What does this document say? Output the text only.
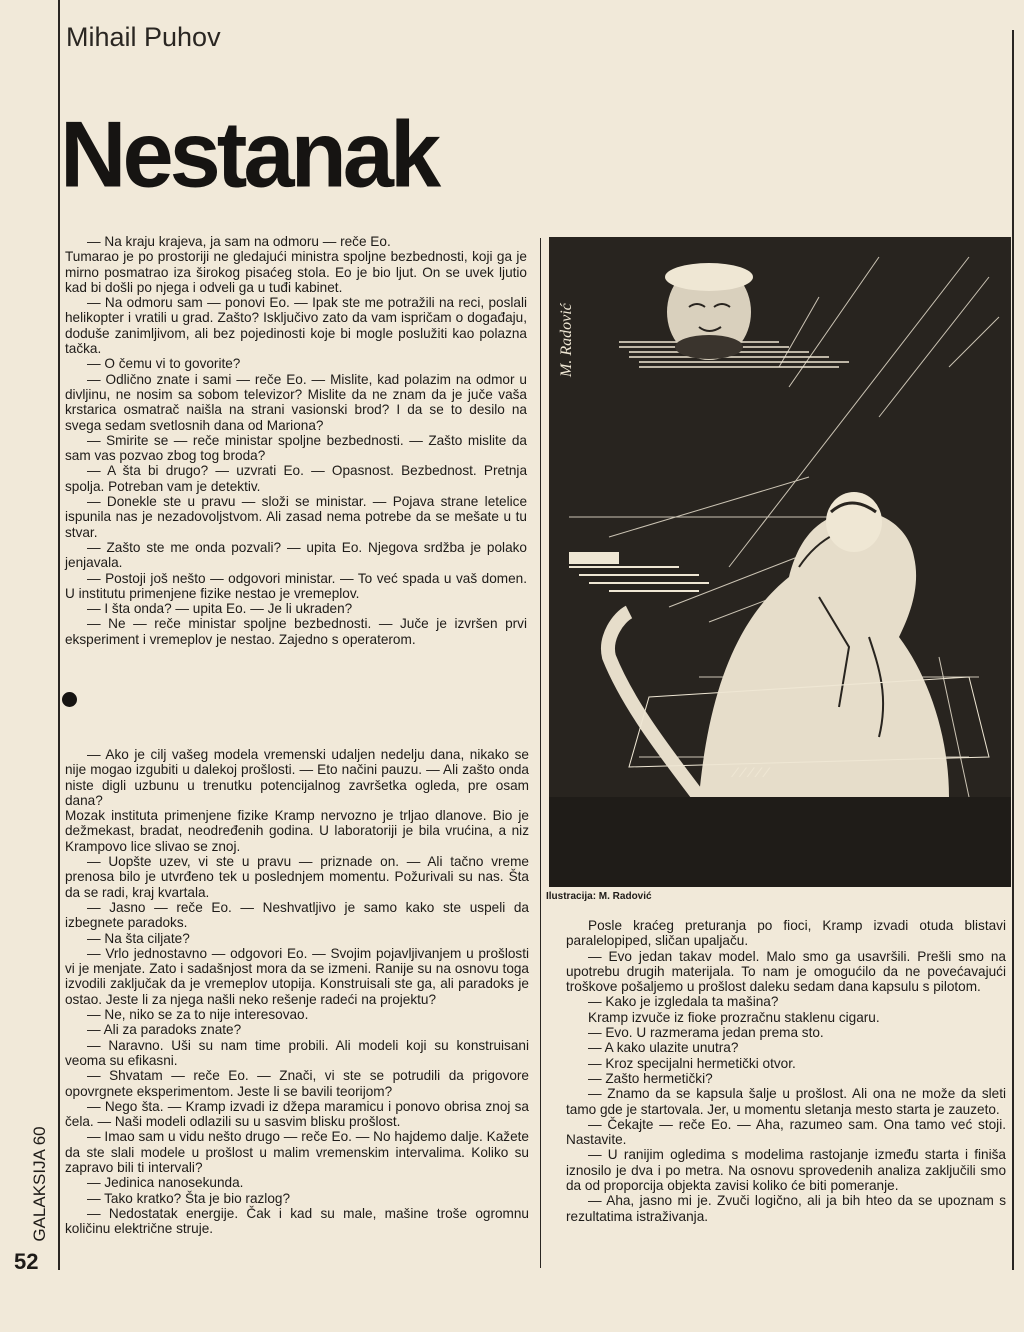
Mihail Puhov
Nestanak

— Na kraju krajeva, ja sam na odmoru — reče Eo.

Tumarao je po prostoriji ne gledajući ministra spoljne bezbednosti, koji ga je mirno posmatrao iza širokog pisaćeg stola. Eo je bio ljut. On se uvek ljutio kad bi došli po njega i odveli ga u tuđi kabinet.

— Na odmoru sam — ponovi Eo. — Ipak ste me potražili na reci, poslali helikopter i vratili u grad. Zašto? Isključivo zato da vam ispričam o događaju, doduše zanimljivom, ali bez pojedinosti koje bi mogle poslužiti kao polazna tačka.

— O čemu vi to govorite?

— Odlično znate i sami — reče Eo. — Mislite, kad polazim na odmor u divljinu, ne nosim sa sobom televizor? Mislite da ne znam da je juče vaša krstarica osmatrač naišla na strani vasionski brod? I da se to desilo na svega sedam svetlosnih dana od Mariona?

— Smirite se — reče ministar spoljne bezbednosti. — Zašto mislite da sam vas pozvao zbog tog broda?

— A šta bi drugo? — uzvrati Eo. — Opasnost. Bezbednost. Pretnja spolja. Potreban vam je detektiv.

— Donekle ste u pravu — složi se ministar. — Pojava strane letelice ispunila nas je nezadovoljstvom. Ali zasad nema potrebe da se mešate u tu stvar.

— Zašto ste me onda pozvali? — upita Eo. Njegova srdžba je polako jenjavala.

— Postoji još nešto — odgovori ministar. — To već spada u vaš domen. U institutu primenjene fizike nestao je vremeplov.

— I šta onda? — upita Eo. — Je li ukraden?

— Ne — reče ministar spoljne bezbednosti. — Juče je izvršen prvi eksperiment i vremeplov je nestao. Zajedno s operaterom.

— Ako je cilj vašeg modela vremenski udaljen nedelju dana, nikako se nije mogao izgubiti u dalekoj prošlosti. — Eto načini pauzu. — Ali zašto onda niste digli uzbunu u trenutku potencijalnog završetka ogleda, pre osam dana?

Mozak instituta primenjene fizike Kramp nervozno je trljao dlanove. Bio je dežmekast, bradat, neodređenih godina. U laboratoriji je bila vrućina, a niz Krampovo lice slivao se znoj.

— Uopšte uzev, vi ste u pravu — priznade on. — Ali tačno vreme prenosa bilo je utvrđeno tek u poslednjem momentu. Požurivali su nas. Šta da se radi, kraj kvartala.

— Jasno — reče Eo. — Neshvatljivo je samo kako ste uspeli da izbegnete paradoks.

— Na šta ciljate?

— Vrlo jednostavno — odgovori Eo. — Svojim pojavljivanjem u prošlosti vi je menjate. Zato i sadašnjost mora da se izmeni. Ranije su na osnovu toga izvodili zaključak da je vremeplov utopija. Konstruisali ste ga, ali paradoks je ostao. Jeste li za njega našli neko rešenje radeći na projektu?

— Ne, niko se za to nije interesovao.

— Ali za paradoks znate?

— Naravno. Uši su nam time probili. Ali modeli koji su konstruisani veoma su efikasni.

— Shvatam — reče Eo. — Znači, vi ste se potrudili da prigovore opovrgnete eksperimentom. Jeste li se bavili teorijom?

— Nego šta. — Kramp izvadi iz džepa maramicu i ponovo obrisa znoj sa čela. — Naši modeli odlazili su u sasvim blisku prošlost.

— Imao sam u vidu nešto drugo — reče Eo. — No hajdemo dalje. Kažete da ste slali modele u prošlost u malim vremenskim intervalima. Koliko su zapravo bili ti intervali?

— Jedinica nanosekunda.

— Tako kratko? Šta je bio razlog?

— Nedostatak energije. Čak i kad su male, mašine troše ogromnu količinu električne struje.

Posle kraćeg preturanja po fioci, Kramp izvadi otuda blistavi paralelopiped, sličan upaljaču.

— Evo jedan takav model. Malo smo ga usavršili. Prešli smo na upotrebu drugih materijala. To nam je omogućilo da ne povećavajući troškove pošaljemo u prošlost daleku sedam dana kapsulu s pilotom.

— Kako je izgledala ta mašina?

Kramp izvuče iz fioke prozračnu staklenu cigaru.

— Evo. U razmerama jedan prema sto.

— A kako ulazite unutra?

— Kroz specijalni hermetički otvor.

— Zašto hermetički?

— Znamo da se kapsula šalje u prošlost. Ali ona ne može da sleti tamo gde je startovala. Jer, u momentu sletanja mesto starta je zauzeto.

— Čekajte — reče Eo. — Aha, razumeo sam. Ona tamo već stoji. Nastavite.

— U ranijim ogledima s modelima rastojanje između starta i finiša iznosilo je dva i po metra. Na osnovu sprovedenih analiza zaključili smo da od proporcija objekta zavisi koliko će biti pomeranje.

— Aha, jasno mi je. Zvuči logično, ali ja bih hteo da se upoznam s rezultatima istraživanja.

/////
M. Radović
Ilustracija: M. Radović
GALAKSIJA 60
52
